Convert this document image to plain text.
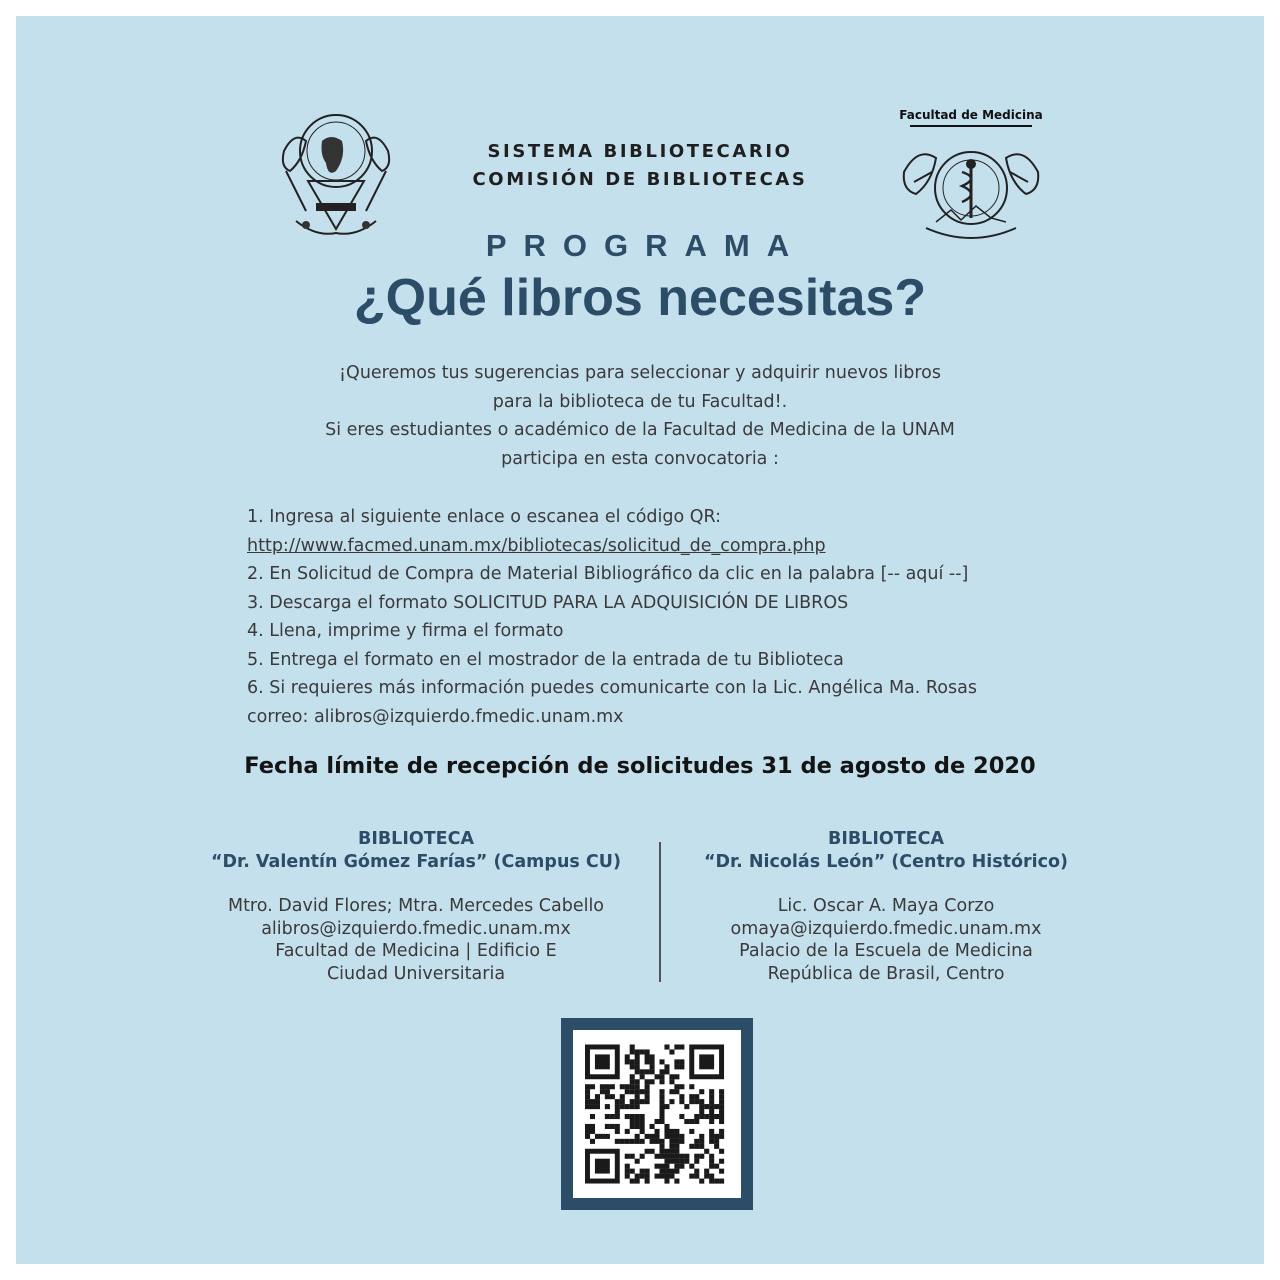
SISTEMA BIBLIOTECARIO
COMISIÓN DE BIBLIOTECAS
Facultad de Medicina
PROGRAMA
¿Qué libros necesitas?
¡Queremos tus sugerencias para seleccionar y adquirir nuevos libros
para la biblioteca de tu Facultad!.
Si eres estudiantes o académico de la Facultad de Medicina de la UNAM
participa en esta convocatoria :
1. Ingresa al siguiente enlace o escanea el código QR:
http://www.facmed.unam.mx/bibliotecas/solicitud_de_compra.php
2. En Solicitud de Compra de Material Bibliográfico da clic en la palabra [-- aquí --]
3. Descarga el formato SOLICITUD PARA LA ADQUISICIÓN DE LIBROS
4. Llena, imprime y firma el formato
5. Entrega el formato en el mostrador de la entrada de tu Biblioteca
6. Si requieres más información puedes comunicarte con la Lic. Angélica Ma. Rosas
correo: alibros@izquierdo.fmedic.unam.mx
Fecha límite de recepción de solicitudes 31 de agosto de 2020
BIBLIOTECA
“Dr. Valentín Gómez Farías” (Campus CU)
Mtro. David Flores; Mtra. Mercedes Cabello
alibros@izquierdo.fmedic.unam.mx
Facultad de Medicina | Edificio E
Ciudad Universitaria
BIBLIOTECA
“Dr. Nicolás León” (Centro Histórico)
Lic. Oscar A. Maya Corzo
omaya@izquierdo.fmedic.unam.mx
Palacio de la Escuela de Medicina
República de Brasil, Centro
